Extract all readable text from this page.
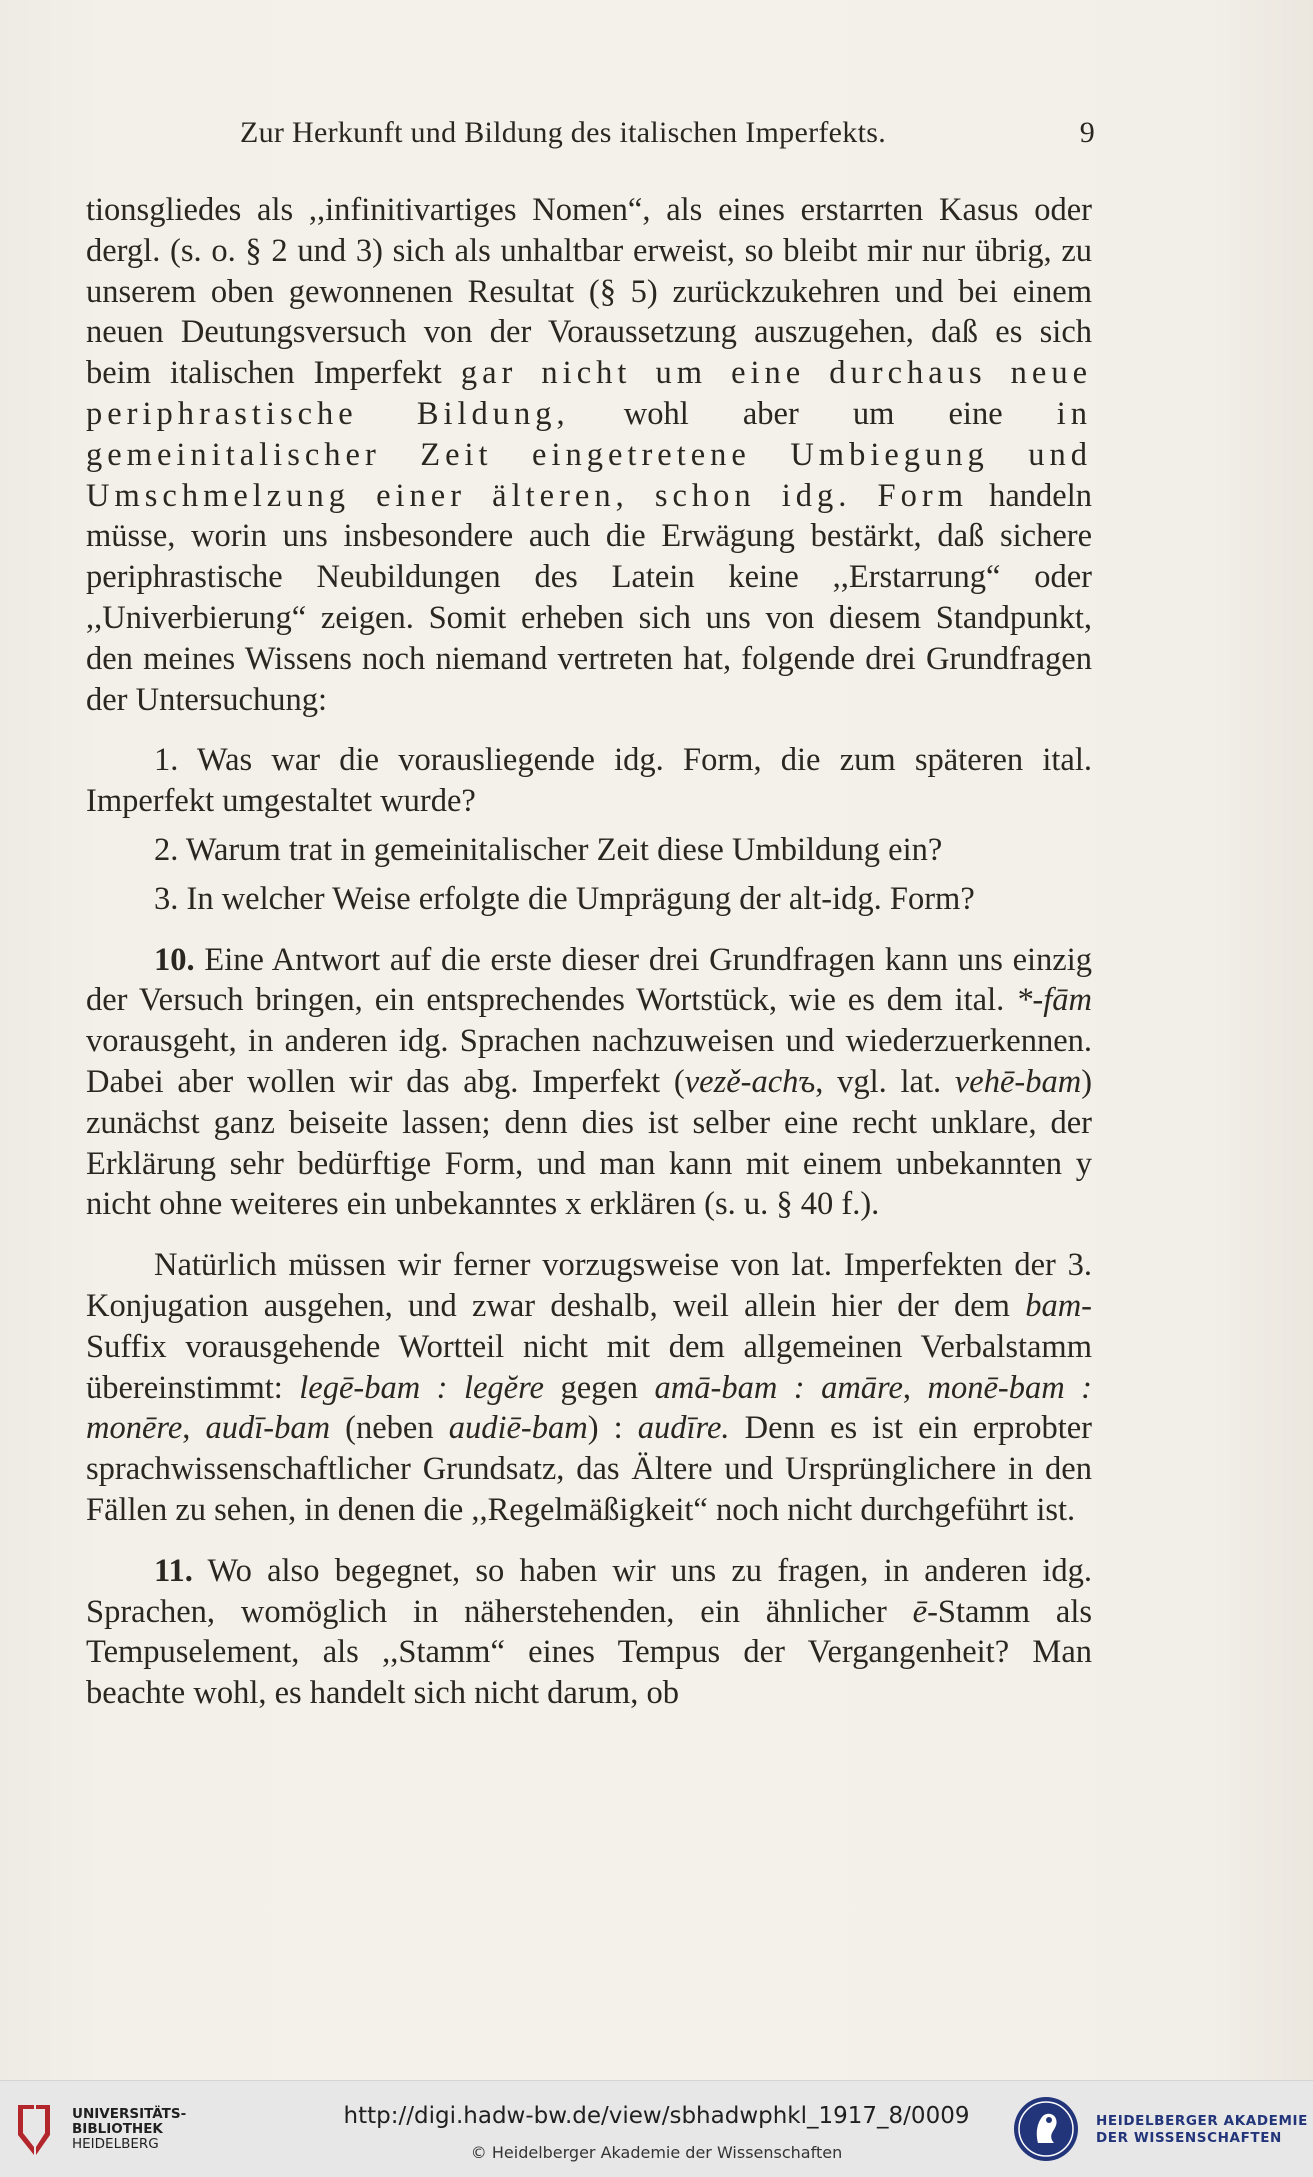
Zur Herkunft und Bildung des italischen Imperfekts.	9

tionsgliedes als ,,infinitivartiges Nomen“, als eines erstarrten Kasus oder dergl. (s. o. § 2 und 3) sich als unhaltbar erweist, so bleibt mir nur übrig, zu unserem oben gewonnenen Resultat (§ 5) zurückzukehren und bei einem neuen Deutungsversuch von der Voraussetzung auszugehen, daß es sich beim italischen Imperfekt gar nicht um eine durchaus neue periphrastische Bildung, wohl aber um eine in gemeinitalischer Zeit eingetretene Umbiegung und Umschmelzung einer älteren, schon idg. Form handeln müsse, worin uns insbesondere auch die Erwägung bestärkt, daß sichere periphrastische Neubildungen des Latein keine ,,Erstarrung“ oder ,,Univerbierung“ zeigen. Somit erheben sich uns von diesem Standpunkt, den meines Wissens noch niemand vertreten hat, folgende drei Grundfragen der Untersuchung:

1. Was war die vorausliegende idg. Form, die zum späteren ital. Imperfekt umgestaltet wurde?

2. Warum trat in gemeinitalischer Zeit diese Umbildung ein?

3. In welcher Weise erfolgte die Umprägung der alt-idg. Form?

10. Eine Antwort auf die erste dieser drei Grundfragen kann uns einzig der Versuch bringen, ein entsprechendes Wortstück, wie es dem ital. *-fām vorausgeht, in anderen idg. Sprachen nachzuweisen und wiederzuerkennen. Dabei aber wollen wir das abg. Imperfekt (vezě-achъ, vgl. lat. vehē-bam) zunächst ganz beiseite lassen; denn dies ist selber eine recht unklare, der Erklärung sehr bedürftige Form, und man kann mit einem unbekannten y nicht ohne weiteres ein unbekanntes x erklären (s. u. § 40 f.).

Natürlich müssen wir ferner vorzugsweise von lat. Imperfekten der 3. Konjugation ausgehen, und zwar deshalb, weil allein hier der dem bam-Suffix vorausgehende Wortteil nicht mit dem allgemeinen Verbalstamm übereinstimmt: legē-bam : legĕre gegen amā-bam : amāre, monē-bam : monēre, audī-bam (neben audiē-bam) : audīre. Denn es ist ein erprobter sprachwissenschaftlicher Grundsatz, das Ältere und Ursprünglichere in den Fällen zu sehen, in denen die ,,Regelmäßigkeit“ noch nicht durchgeführt ist.

11. Wo also begegnet, so haben wir uns zu fragen, in anderen idg. Sprachen, womöglich in näherstehenden, ein ähnlicher ē-Stamm als Tempuselement, als ,,Stamm“ eines Tempus der Vergangenheit? Man beachte wohl, es handelt sich nicht darum, ob

UNIVERSITÄTS-
BIBLIOTHEK
HEIDELBERG
http://digi.hadw-bw.de/view/sbhadwphkl_1917_8/0009
© Heidelberger Akademie der Wissenschaften
HEIDELBERGER AKADEMIE
DER WISSENSCHAFTEN
